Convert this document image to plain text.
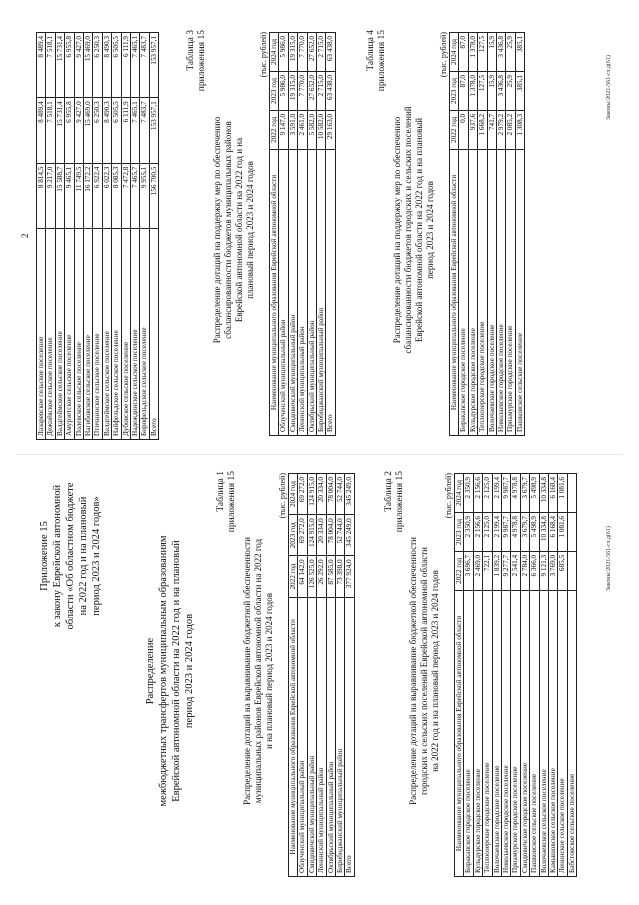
Приложение 15 к закону Еврейской автономной области «Об областном бюджете на 2022 год и на плановый период 2023 и 2024 годов»
Распределение межбюджетных трансфертов муниципальным образованиям Еврейской автономной области на 2022 год и на плановый период 2023 и 2024 годов
Таблица 1 приложения 15
Распределение дотаций на выравнивание бюджетной обеспеченности муниципальных районов Еврейской автономной области на 2022 год и на плановый период 2023 и 2024 годов
(тыс. рублей)
Наименование муниципального образования Еврейской автономной области	2022 год	2023 год	2024 год
Облученский муниципальный район	64 142,0	69 272,0	69 272,0
Смидовичский муниципальный район	126 525,0	124 915,0	124 915,0
Ленинский муниципальный район	26 292,0	20 334,0	20 334,0
Октябрьский муниципальный район	87 585,0	78 004,0	78 004,0
Биробиджанский муниципальный район	73 398,0	52 744,0	52 744,0
Всего	377 924,0	345 249,0	345 249,0	Таблица 2 приложения 15
Распределение дотаций на выравнивание бюджетной обеспеченности городских и сельских поселений Еврейской автономной области на 2022 год и на плановый период 2023 и 2024 годов
(тыс. рублей)
Наименование муниципального образования Еврейской автономной области	2022 год	2023 год	2024 год
Биракanское городское поселение	3 696,7	2 350,9	2 350,9
Кульдурское городское поселение	2 469,0	2 156,6	2 156,6
Теплоозерское городское поселение	722,1	2 125,0	2 125,0
Волочаевское городское поселение	1 839,2	2 199,4	2 199,4
Николаевское городское поселение	9 277,7	9 987,7	9 987,7
Приамурское городское поселение	2 541,4	4 978,8	4 978,8
Смидовичское городское поселение	2 784,0	3 679,7	3 679,7
Пашковское сельское поселение	6 366,0	5 498,9	5 498,9
Волочаевское сельское поселение	9 121,3	10 334,8	10 334,8
Камышовское сельское поселение	3 769,0	6 168,4	6 168,4
Ленинское сельское поселение	685,5	1 081,6	1 081,6
Бабстовское сельское поселение			
Законы/2021-561-гл.д(61)
2
Лазаревское сельское поселение	8 814,5	8 489,4	8 489,4
Дежнёвское сельское поселение	9 217,0	7 518,1	7 518,1
Валдгеймское сельское поселение	15 588,7	15 731,4	15 731,4
Амурзетское сельское поселение	9 465,1	6 955,8	6 955,8
Полевское сельское поселение	11 749,5	9 427,0	9 427,0
Нагибовское сельское поселение	16 172,2	15 469,0	15 469,0
Птичнинское сельское поселение	6 922,4	6 250,3	6 250,3
Валдгеймское сельское поселение	6 022,3	8 490,3	8 490,3
Найфельдское сельское поселение	8 085,3	6 505,5	6 505,5
Дубовское сельское поселение	7 472,8	6 111,9	6 111,9
Надеждинское сельское поселение	7 465,7	7 465,1	7 465,1
Бирофельдское сельское поселение	9 955,1	7 483,7	7 483,7
Всего	156 700,5	153 957,1	153 957,1	Таблица 3 приложения 15
Распределение дотаций на поддержку мер по обеспечению сбалансированности бюджетов муниципальных районов Еврейской автономной области на 2022 год и на плановый период 2023 и 2024 годов
(тыс. рублей)
Наименование муниципального образования Еврейской автономной области	2022 год	2023 год	2024 год
Облученский муниципальный район	9 147,0	5 986,0	5 986,0
Смидовичский муниципальный район	3 591,0	19 315,0	19 315,0
Ленинский муниципальный район	2 461,0	7 770,0	7 770,0
Октябрьский муниципальный район	5 582,0	27 652,0	27 652,0
Биробиджанский муниципальный район	10 582,0	2 715,0	2 715,0
Всего	29 163,0	63 438,0	63 438,0	Таблица 4 приложения 15
Распределение дотаций на поддержку мер по обеспечению сбалансированности бюджетов городских и сельских поселений Еврейской автономной области на 2022 год и на плановый период 2023 и 2024 годов
(тыс. рублей)
Наименование муниципального образования Еврейской автономной области	2022 год	2023 год	2024 год
Биракanское городское поселение	0,0	87,0	87,0
Кульдурское городское поселение	937,6	1 378,0	1 378,0
Теплоозерское городское поселение	1 668,2	127,5	127,5
Волочаевское городское поселение	741,7	15,9	15,9
Николаевское городское поселение	2 979,2	3 436,8	3 436,8
Приамурское городское поселение	2 085,2	25,9	25,9
Пашковское сельское поселение	1 308,3	385,1	385,1
Законы/2021-561-гл.д(61)
